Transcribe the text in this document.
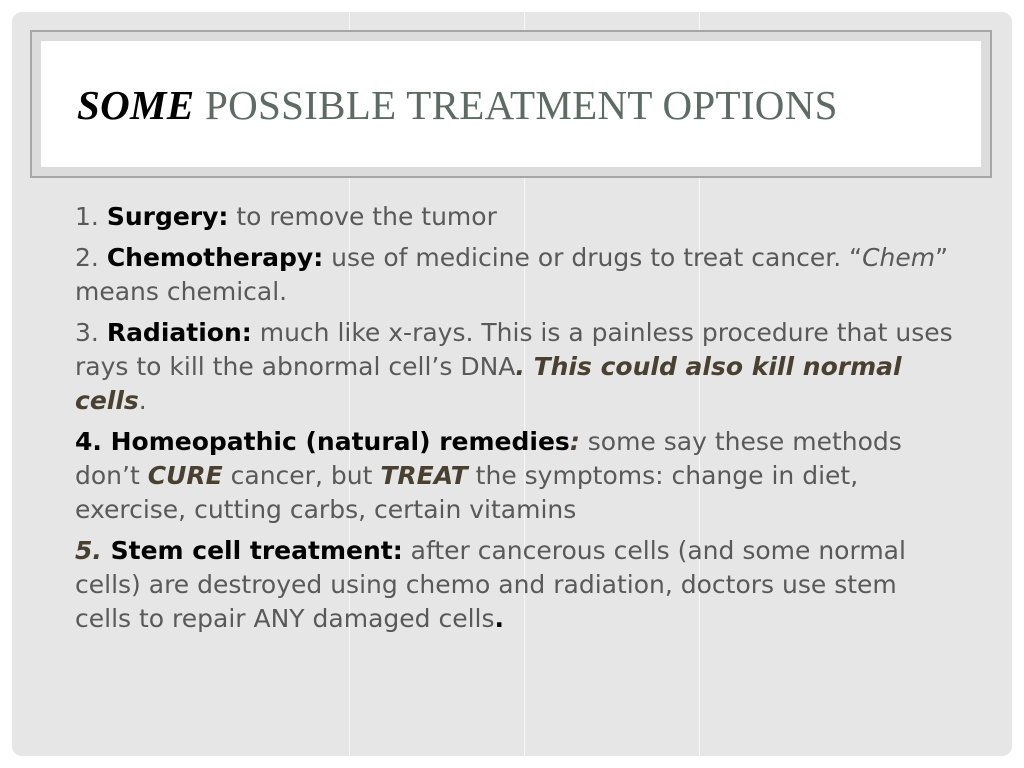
SOME POSSIBLE TREATMENT OPTIONS

1. Surgery: to remove the tumor

2. Chemotherapy: use of medicine or drugs to treat cancer. “Chem” means chemical.

3. Radiation: much like x-rays. This is a painless procedure that uses rays to kill the abnormal cell’s DNA. This could also kill normal cells.

4. Homeopathic (natural) remedies: some say these methods don’t CURE cancer, but TREAT the symptoms: change in diet, exercise, cutting carbs, certain vitamins

5. Stem cell treatment: after cancerous cells (and some normal cells) are destroyed using chemo and radiation, doctors use stem cells to repair ANY damaged cells.
